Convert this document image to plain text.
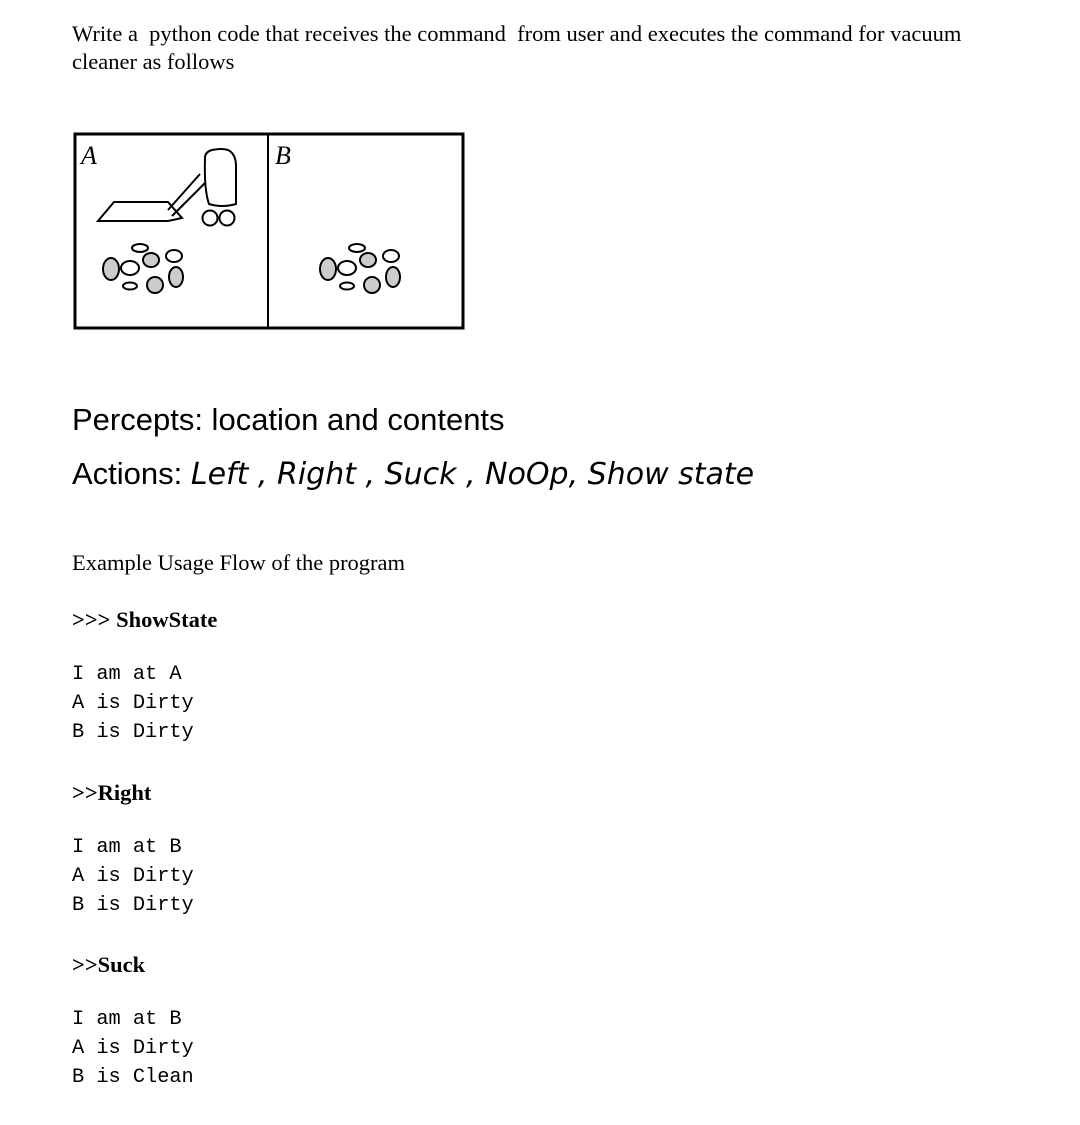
Write a  python code that receives the command  from user and executes the command for vacuum
cleaner as follows
A	B
Percepts: location and contents
Actions: Left , Right , Suck , NoOp, Show state
Example Usage Flow of the program
>>> ShowState
I am at A
A is Dirty
B is Dirty
>>Right
I am at B
A is Dirty
B is Dirty
>>Suck
I am at B
A is Dirty
B is Clean
